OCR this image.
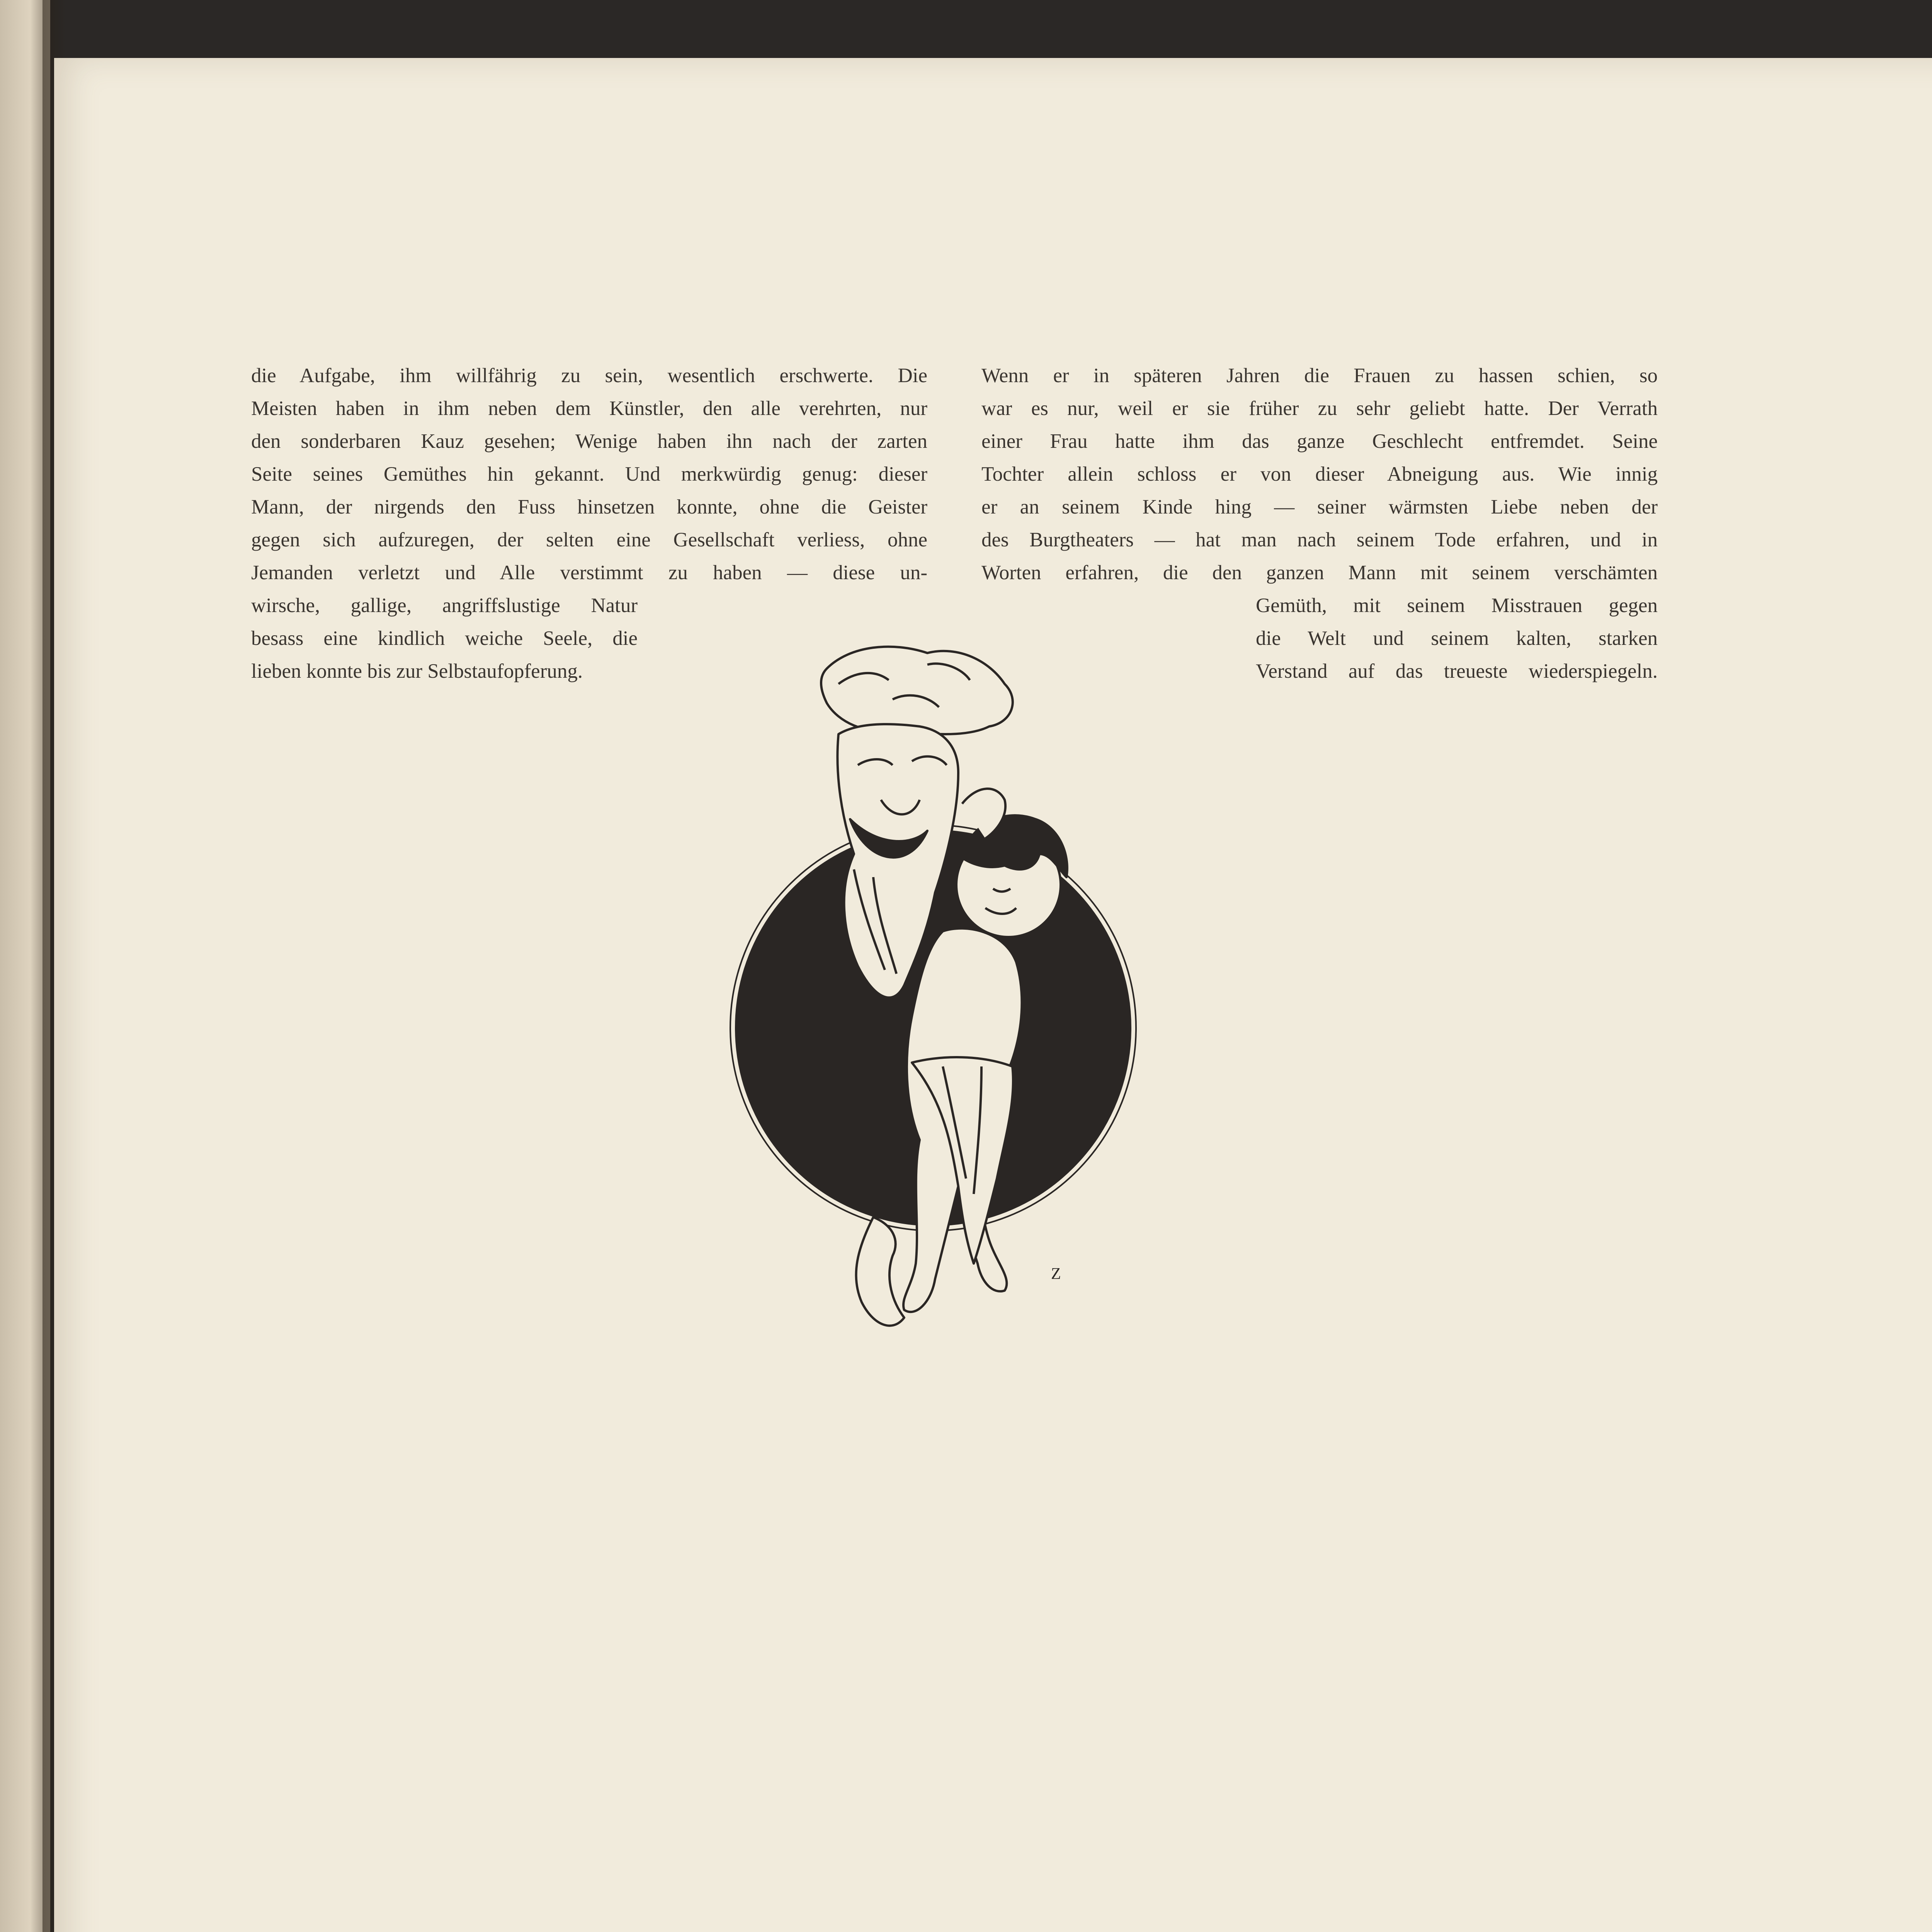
die Aufgabe, ihm willfährig zu sein, wesentlich erschwerte. Die
Meisten haben in ihm neben dem Künstler, den alle verehrten, nur
den sonderbaren Kauz gesehen; Wenige haben ihn nach der zarten
Seite seines Gemüthes hin gekannt. Und merkwürdig genug: dieser
Mann, der nirgends den Fuss hinsetzen konnte, ohne die Geister
gegen sich aufzuregen, der selten eine Gesellschaft verliess, ohne
Jemanden verletzt und Alle verstimmt zu haben — diese un-
wirsche, gallige, angriffslustige Natur
besass eine kindlich weiche Seele, die
lieben konnte bis zur Selbstaufopferung.
Wenn er in späteren Jahren die Frauen zu hassen schien, so
war es nur, weil er sie früher zu sehr geliebt hatte. Der Verrath
einer Frau hatte ihm das ganze Geschlecht entfremdet. Seine
Tochter allein schloss er von dieser Abneigung aus. Wie innig
er an seinem Kinde hing — seiner wärmsten Liebe neben der
des Burgtheaters — hat man nach seinem Tode erfahren, und in
Worten erfahren, die den ganzen Mann mit seinem verschämten
Gemüth, mit seinem Misstrauen gegen
die Welt und seinem kalten, starken
Verstand auf das treueste wiederspiegeln.
Z
